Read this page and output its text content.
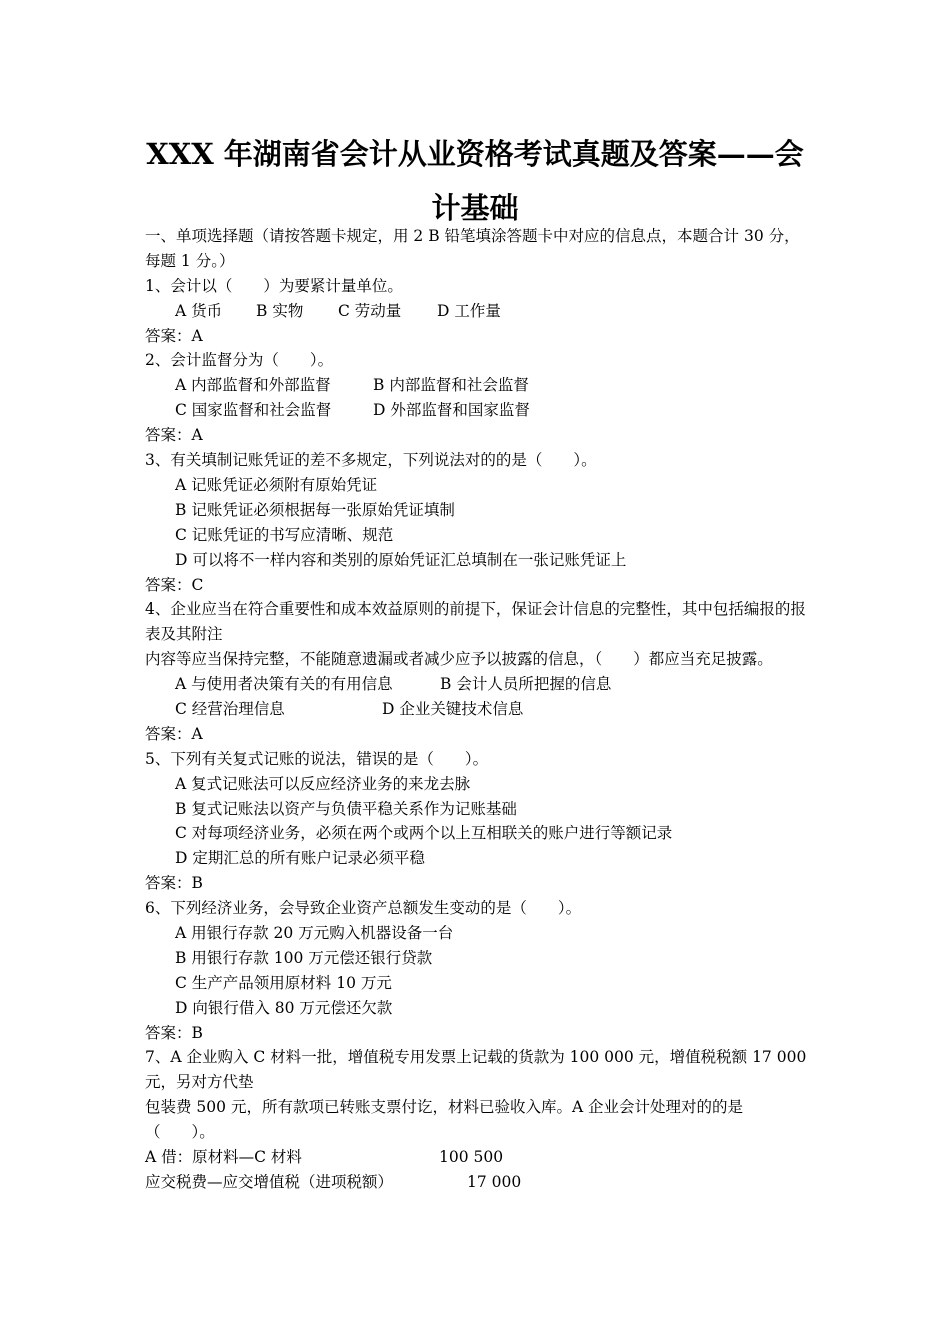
XXX 年湖南省会计从业资格考试真题及答案——会
计基础
一、单项选择题（请按答题卡规定，用 2 B 铅笔填涂答题卡中对应的信息点，本题合计 30 分，每题 1 分。）
1、会计以（　　）为要紧计量单位。
A 货币 B 实物 C 劳动量 D 工作量
答案：A
2、会计监督分为（　　）。
A 内部监督和外部监督	B 内部监督和社会监督
C 国家监督和社会监督	D 外部监督和国家监督
答案：A
3、有关填制记账凭证的差不多规定，下列说法对的的是（　　）。
A 记账凭证必须附有原始凭证
B 记账凭证必须根据每一张原始凭证填制
C 记账凭证的书写应清晰、规范
D 可以将不一样内容和类别的原始凭证汇总填制在一张记账凭证上
答案：C
4、企业应当在符合重要性和成本效益原则的前提下，保证会计信息的完整性，其中包括编报的报表及其附注
内容等应当保持完整，不能随意遗漏或者减少应予以披露的信息，（　　）都应当充足披露。
A 与使用者决策有关的有用信息	B 会计人员所把握的信息
C 经营治理信息	D 企业关键技术信息
答案：A
5、下列有关复式记账的说法，错误的是（　　）。
A 复式记账法可以反应经济业务的来龙去脉
B 复式记账法以资产与负债平稳关系作为记账基础
C 对每项经济业务，必须在两个或两个以上互相联关的账户进行等额记录
D 定期汇总的所有账户记录必须平稳
答案：B
6、下列经济业务，会导致企业资产总额发生变动的是（　　）。
A 用银行存款 20 万元购入机器设备一台
B 用银行存款 100 万元偿还银行贷款
C 生产产品领用原材料 10 万元
D 向银行借入 80 万元偿还欠款
答案：B
7、A 企业购入 C 材料一批，增值税专用发票上记载的货款为 100 000 元，增值税税额 17 000 元，另对方代垫
包装费 500 元，所有款项已转账支票付讫，材料已验收入库。A 企业会计处理对的的是（　　）。
A 借：原材料—C 材料	100 500
应交税费—应交增值税（进项税额）	17 000
